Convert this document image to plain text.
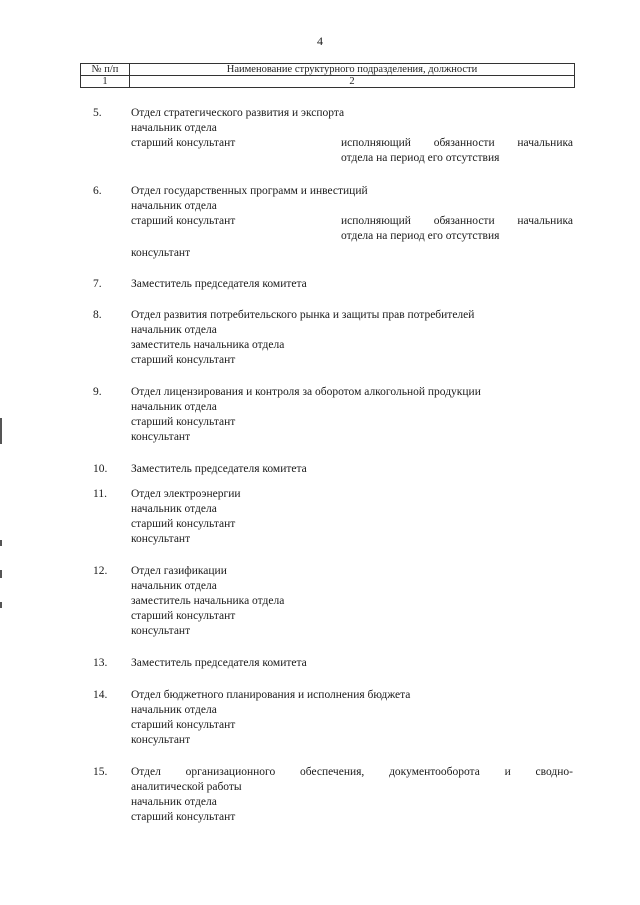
4
№ п/п	Наименование структурного подразделения, должности
1	2
5.	Отдел стратегического развития и экспорта
начальник отдела
старший консультант	исполняющий обязанности начальника
отдела на период его отсутствия
6.	Отдел государственных программ и инвестиций
начальник отдела
старший консультант	исполняющий обязанности начальника
отдела на период его отсутствия
консультант
7.	Заместитель председателя комитета
8.	Отдел развития потребительского рынка и защиты прав потребителей
начальник отдела
заместитель начальника отдела
старший консультант
9.	Отдел лицензирования и контроля за оборотом алкогольной продукции
начальник отдела
старший консультант
консультант
10.	Заместитель председателя комитета
11.	Отдел электроэнергии
начальник отдела
старший консультант
консультант
12.	Отдел газификации
начальник отдела
заместитель начальника отдела
старший консультант
консультант
13.	Заместитель председателя комитета
14.	Отдел бюджетного планирования и исполнения бюджета
начальник отдела
старший консультант
консультант
15.	Отдел организационного обеспечения, документооборота и сводно-
аналитической работы
начальник отдела
старший консультант
